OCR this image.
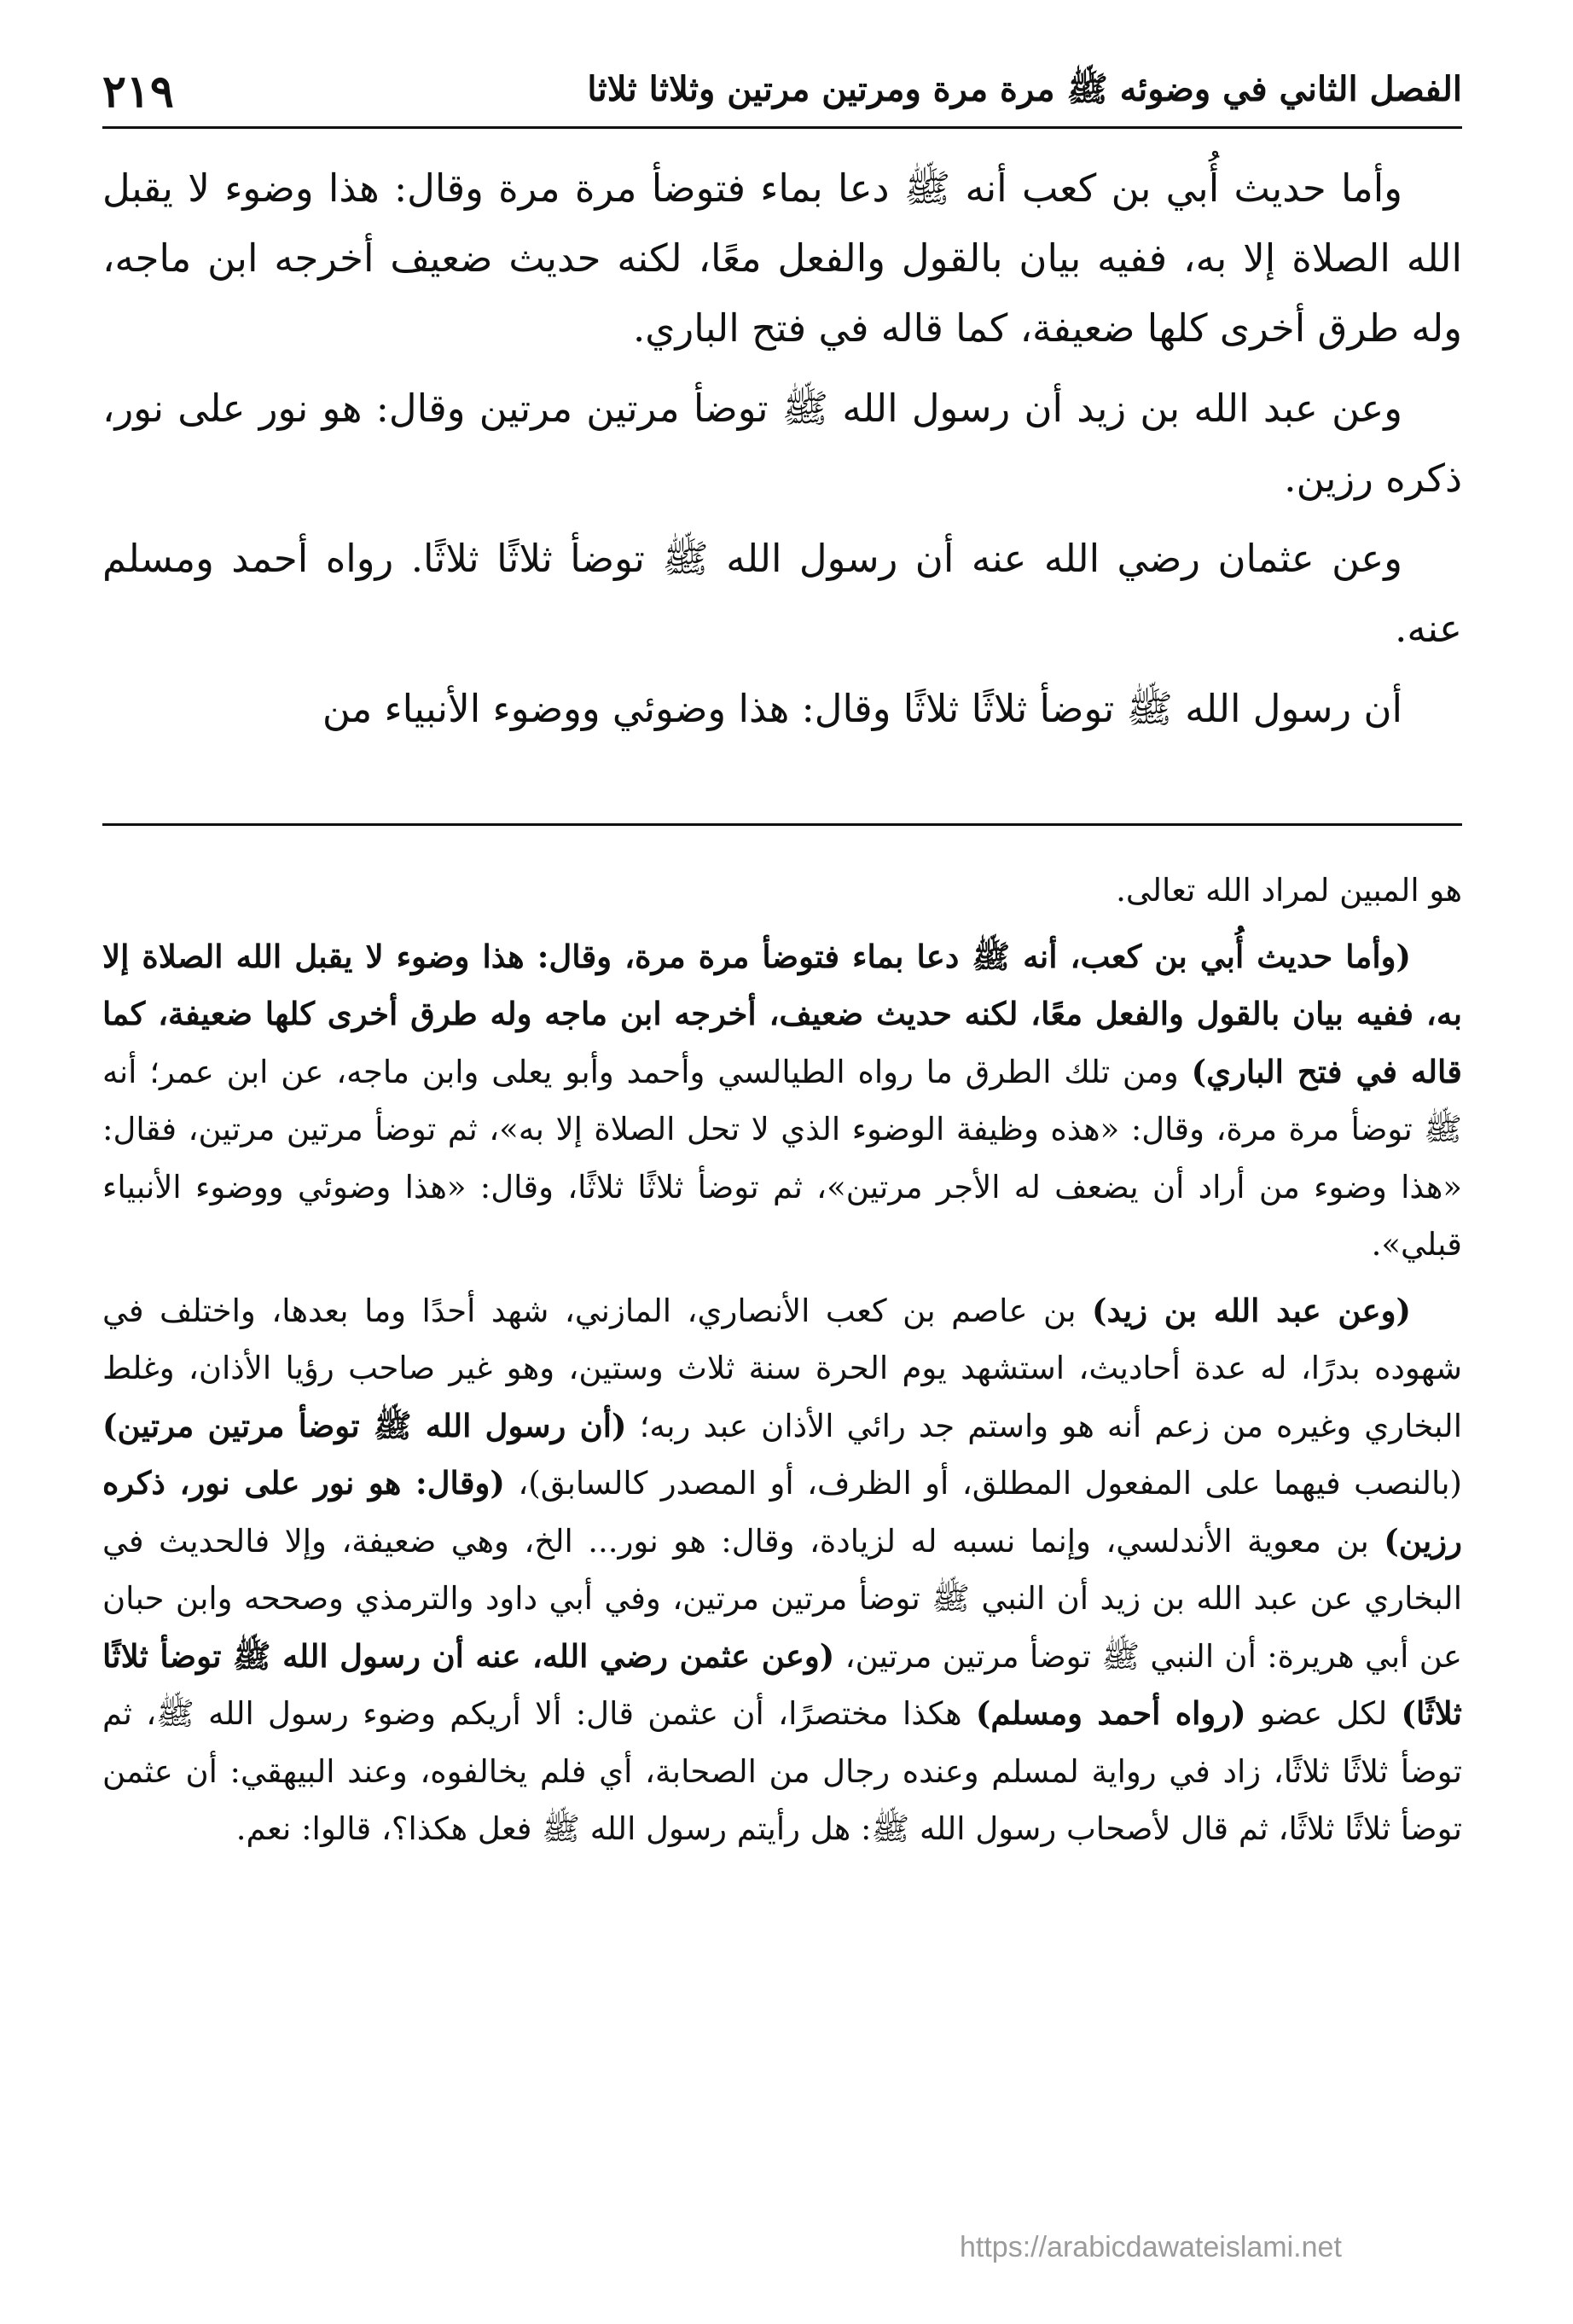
الفصل الثاني في وضوئه ﷺ مرة مرة ومرتين مرتين وثلاثا ثلاثا
٢١٩

وأما حديث أُبي بن كعب أنه ﷺ دعا بماء فتوضأ مرة مرة وقال: هذا وضوء لا يقبل الله الصلاة إلا به، ففيه بيان بالقول والفعل معًا، لكنه حديث ضعيف أخرجه ابن ماجه، وله طرق أخرى كلها ضعيفة، كما قاله في فتح الباري.

وعن عبد الله بن زيد أن رسول الله ﷺ توضأ مرتين مرتين وقال: هو نور على نور، ذكره رزين.

وعن عثمان رضي الله عنه أن رسول الله ﷺ توضأ ثلاثًا ثلاثًا. رواه أحمد ومسلم عنه.

أن رسول الله ﷺ توضأ ثلاثًا ثلاثًا وقال: هذا وضوئي ووضوء الأنبياء من

هو المبين لمراد الله تعالى.

(وأما حديث أُبي بن كعب، أنه ﷺ دعا بماء فتوضأ مرة مرة، وقال: هذا وضوء لا يقبل الله الصلاة إلا به، ففيه بيان بالقول والفعل معًا، لكنه حديث ضعيف، أخرجه ابن ماجه وله طرق أخرى كلها ضعيفة، كما قاله في فتح الباري) ومن تلك الطرق ما رواه الطيالسي وأحمد وأبو يعلى وابن ماجه، عن ابن عمر؛ أنه ﷺ توضأ مرة مرة، وقال: «هذه وظيفة الوضوء الذي لا تحل الصلاة إلا به»، ثم توضأ مرتين مرتين، فقال: «هذا وضوء من أراد أن يضعف له الأجر مرتين»، ثم توضأ ثلاثًا ثلاثًا، وقال: «هذا وضوئي ووضوء الأنبياء قبلي».

(وعن عبد الله بن زيد) بن عاصم بن كعب الأنصاري، المازني، شهد أحدًا وما بعدها، واختلف في شهوده بدرًا، له عدة أحاديث، استشهد يوم الحرة سنة ثلاث وستين، وهو غير صاحب رؤيا الأذان، وغلط البخاري وغيره من زعم أنه هو واستم جد رائي الأذان عبد ربه؛ (أن رسول الله ﷺ توضأ مرتين مرتين) (بالنصب فيهما على المفعول المطلق، أو الظرف، أو المصدر كالسابق)، (وقال: هو نور على نور، ذكره رزين) بن معوية الأندلسي، وإنما نسبه له لزيادة، وقال: هو نور... الخ، وهي ضعيفة، وإلا فالحديث في البخاري عن عبد الله بن زيد أن النبي ﷺ توضأ مرتين مرتين، وفي أبي داود والترمذي وصححه وابن حبان عن أبي هريرة: أن النبي ﷺ توضأ مرتين مرتين، (وعن عثمن رضي الله، عنه أن رسول الله ﷺ توضأ ثلاثًا ثلاثًا) لكل عضو (رواه أحمد ومسلم) هكذا مختصرًا، أن عثمن قال: ألا أريكم وضوء رسول الله ﷺ، ثم توضأ ثلاثًا ثلاثًا، زاد في رواية لمسلم وعنده رجال من الصحابة، أي فلم يخالفوه، وعند البيهقي: أن عثمن توضأ ثلاثًا ثلاثًا، ثم قال لأصحاب رسول الله ﷺ: هل رأيتم رسول الله ﷺ فعل هكذا؟، قالوا: نعم.

https://arabicdawateislami.net
